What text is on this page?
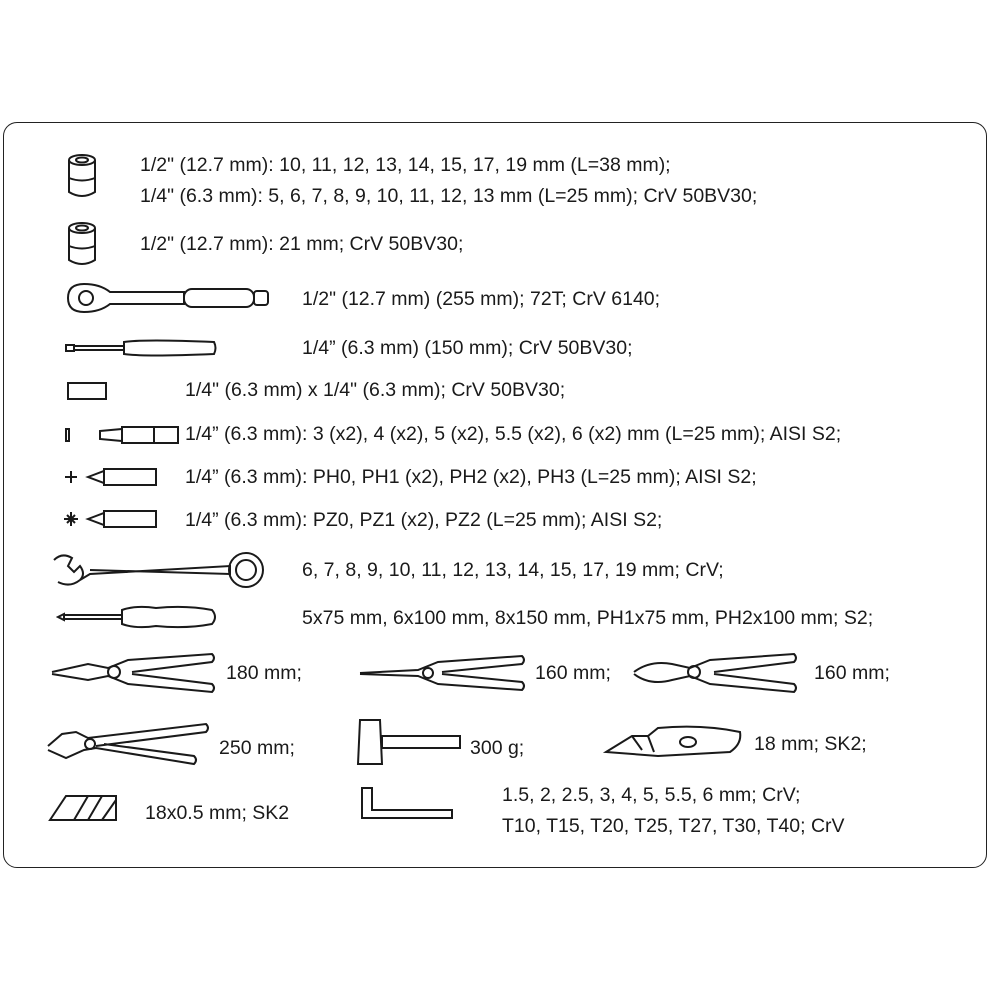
1/2" (12.7 mm): 10, 11, 12, 13, 14, 15, 17, 19 mm (L=38 mm);
1/4" (6.3 mm): 5, 6, 7, 8, 9, 10, 11, 12, 13 mm (L=25 mm); CrV 50BV30;
1/2" (12.7 mm): 21 mm; CrV 50BV30;
1/2" (12.7 mm) (255 mm); 72T; CrV 6140;
1/4” (6.3 mm) (150 mm); CrV 50BV30;
1/4" (6.3 mm) x 1/4" (6.3 mm); CrV 50BV30;
1/4” (6.3 mm): 3 (x2), 4 (x2), 5 (x2), 5.5 (x2), 6 (x2) mm (L=25 mm); AISI S2;
1/4” (6.3 mm): PH0, PH1 (x2), PH2 (x2), PH3 (L=25 mm); AISI S2;
1/4” (6.3 mm): PZ0, PZ1 (x2), PZ2 (L=25 mm); AISI S2;
6, 7, 8, 9, 10, 11, 12, 13, 14, 15, 17, 19 mm; CrV;
5x75 mm, 6x100 mm, 8x150 mm, PH1x75 mm, PH2x100 mm; S2;
180 mm;	160 mm;	160 mm;
250 mm;	300 g;	18 mm; SK2;
18x0.5 mm; SK2
1.5, 2, 2.5, 3, 4, 5, 5.5, 6 mm; CrV;
T10, T15, T20, T25, T27, T30, T40; CrV
